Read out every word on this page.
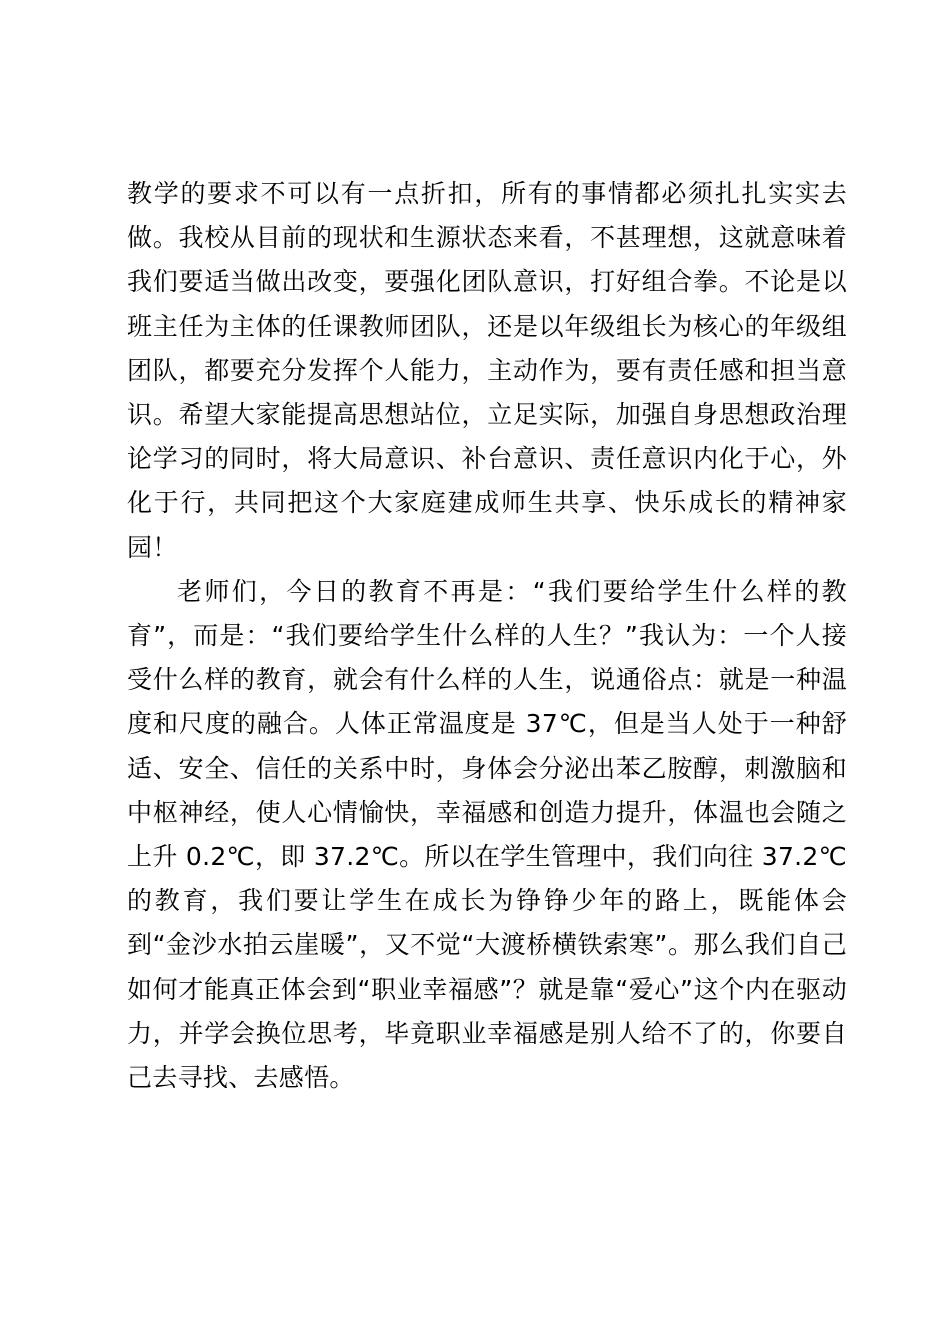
教学的要求不可以有一点折扣，所有的事情都必须扎扎实实去做。我校从目前的现状和生源状态来看，不甚理想，这就意味着我们要适当做出改变，要强化团队意识，打好组合拳。不论是以班主任为主体的任课教师团队，还是以年级组长为核心的年级组团队，都要充分发挥个人能力，主动作为，要有责任感和担当意识。希望大家能提高思想站位，立足实际，加强自身思想政治理论学习的同时，将大局意识、补台意识、责任意识内化于心，外化于行，共同把这个大家庭建成师生共享、快乐成长的精神家园！

老师们，今日的教育不再是：“我们要给学生什么样的教育”，而是：“我们要给学生什么样的人生？”我认为：一个人接受什么样的教育，就会有什么样的人生，说通俗点：就是一种温度和尺度的融合。人体正常温度是 37℃，但是当人处于一种舒适、安全、信任的关系中时，身体会分泌出苯乙胺醇，刺激脑和中枢神经，使人心情愉快，幸福感和创造力提升，体温也会随之上升 0.2℃，即 37.2℃。所以在学生管理中，我们向往 37.2℃的教育，我们要让学生在成长为铮铮少年的路上，既能体会到“金沙水拍云崖暖”，又不觉“大渡桥横铁索寒”。那么我们自己如何才能真正体会到“职业幸福感”？就是靠“爱心”这个内在驱动力，并学会换位思考，毕竟职业幸福感是别人给不了的，你要自己去寻找、去感悟。
